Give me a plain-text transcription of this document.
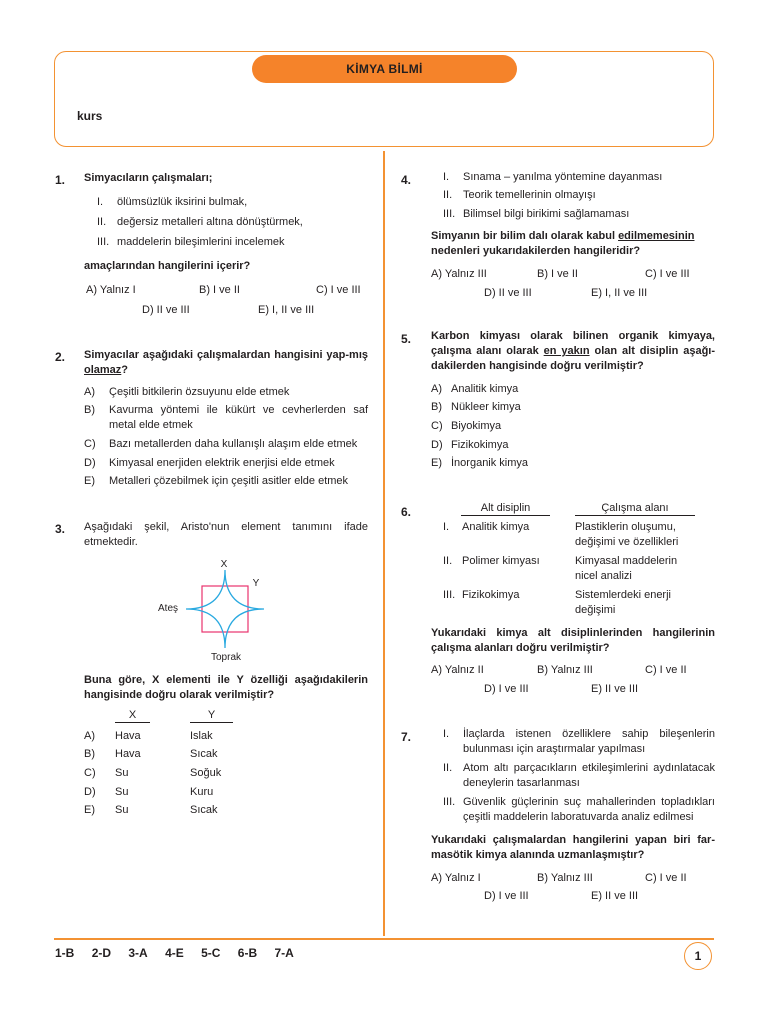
KİMYA BİLMİ
kurs
1. Simyacıların çalışmaları;
I. ölümsüzlük iksirini bulmak,
II. değersiz metalleri altına dönüştürmek,
III. maddelerin bileşimlerini incelemek
amaçlarından hangilerini içerir?
A) Yalnız I	B) I ve II	C) I ve III
D) II ve III	E) I, II ve III
2. Simyacılar aşağıdaki çalışmalardan hangisini yap-mış olamaz?
A) Çeşitli bitkilerin özsuyunu elde etmek
B)	Kavurma yöntemi ile kükürt ve cevherlerden saf metal elde etmek
C) Bazı metallerden daha kullanışlı alaşım elde etmek
D) Kimyasal enerjiden elektrik enerjisi elde etmek
E) Metalleri çözebilmek için çeşitli asitler elde etmek
3. Aşağıdaki şekil, Aristo'nun element tanımını ifade etmektedir.
X
Y
Ateş
Toprak
Buna göre, X elementi ile Y özelliği aşağıdakilerin hangisinde doğru olarak verilmiştir?
X	Y
A) Hava	Islak
B) Hava	Sıcak
C) Su	Soğuk
D) Su	Kuru
E) Su	Sıcak
4.	I. Sınama – yanılma yöntemine dayanması
II. Teorik temellerinin olmayışı
III. Bilimsel bilgi birikimi sağlamaması
Simyanın bir bilim dalı olarak kabul edilmemesinin nedenleri yukarıdakilerden hangileridir?
A) Yalnız III	B) I ve II	C) I ve III
D) II ve III	E) I, II ve III
5. Karbon kimyası olarak bilinen organik kimyaya, çalışma alanı olarak en yakın olan alt disiplin aşağı-dakilerden hangisinde doğru verilmiştir?
A) Analitik kimya
B) Nükleer kimya
C) Biyokimya
D) Fizikokimya
E) İnorganik kimya
6.	Alt disiplin	Çalışma alanı
I. Analitik kimya	Plastiklerin oluşumu, değişimi ve özellikleri
II. Polimer kimyası	Kimyasal maddelerin nicel analizi
III. Fizikokimya	Sistemlerdeki enerji değişimi
Yukarıdaki kimya alt disiplinlerinden hangilerinin çalışma alanları doğru verilmiştir?
A) Yalnız II	B) Yalnız III	C) I ve II
D) I ve III	E) II ve III
7.	I.	İlaçlarda istenen özelliklere sahip bileşenlerin bulunması için araştırmalar yapılması
II. Atom altı parçacıkların etkileşimlerini aydınlatacak deneylerin tasarlanması
III. Güvenlik güçlerinin suç mahallerinden topladıkları çeşitli maddelerin laboratuvarda analiz edilmesi
Yukarıdaki çalışmalardan hangilerini yapan biri far-masötik kimya alanında uzmanlaşmıştır?
A) Yalnız I	B) Yalnız III	C) I ve II
D) I ve III	E) II ve III
1-B 2-D 3-A 4-E 5-C 6-B 7-A	1
